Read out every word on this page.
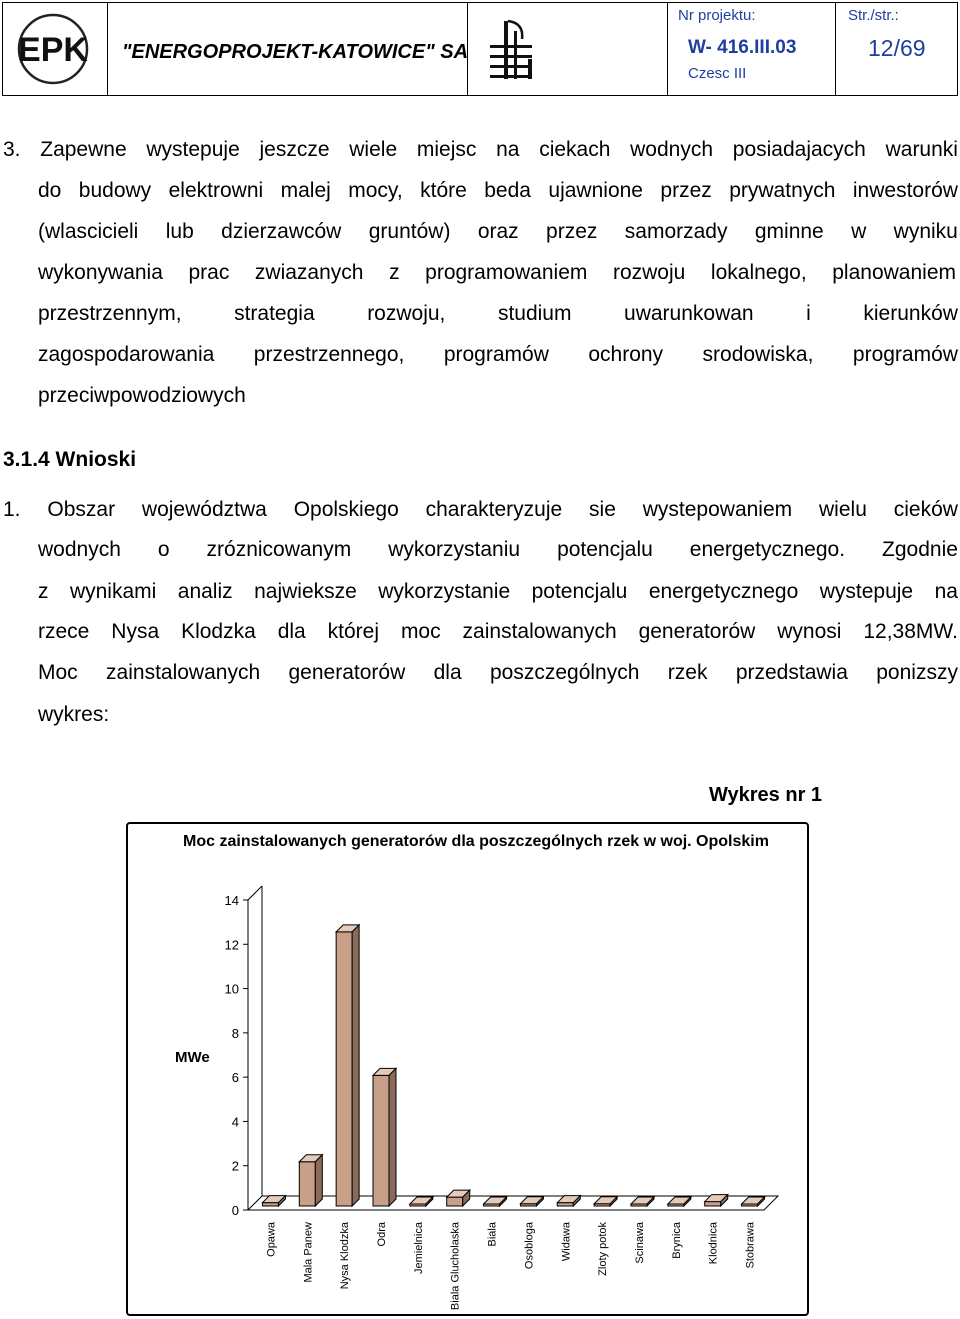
EPK "ENERGOPROJEKT-KATOWICE" SA
Nr projektu:
W- 416.III.03
Czesc III
Str./str.:
12/69
3. Zapewne wystepuje jeszcze wiele miejsc na ciekach wodnych posiadajacych warunki
do budowy elektrowni malej mocy, które beda ujawnione przez prywatnych inwestorów
(wlascicieli lub dzierzawców gruntów) oraz przez samorzady gminne w wyniku
wykonywania prac zwiazanych z programowaniem rozwoju lokalnego, planowaniem
przestrzennym,	strategia	rozwoju,	studium	uwarunkowan	i	kierunków
zagospodarowania przestrzennego, programów ochrony srodowiska, programów
przeciwpowodziowych
3.1.4 Wnioski
1. Obszar województwa Opolskiego charakteryzuje sie wystepowaniem wielu cieków
wodnych o zróznicowanym wykorzystaniu potencjalu energetycznego. Zgodnie
z wynikami analiz najwieksze wykorzystanie potencjalu energetycznego wystepuje na
rzece Nysa Klodzka dla której moc zainstalowanych generatorów wynosi 12,38MW.
Moc zainstalowanych generatorów dla poszczególnych rzek przedstawia ponizszy
wykres:
Wykres nr 1
Moc zainstalowanych generatorów dla poszczególnych rzek w woj. Opolskim
MWe
0
2
4
6
8
10
12
14
Opawa Mala Panew Nysa Klodzka Odra Jemielnica Biala Glucholaska Biala Osobloga Widawa Zloty potok Scinawa Brynica Klodnica Stobrawa
